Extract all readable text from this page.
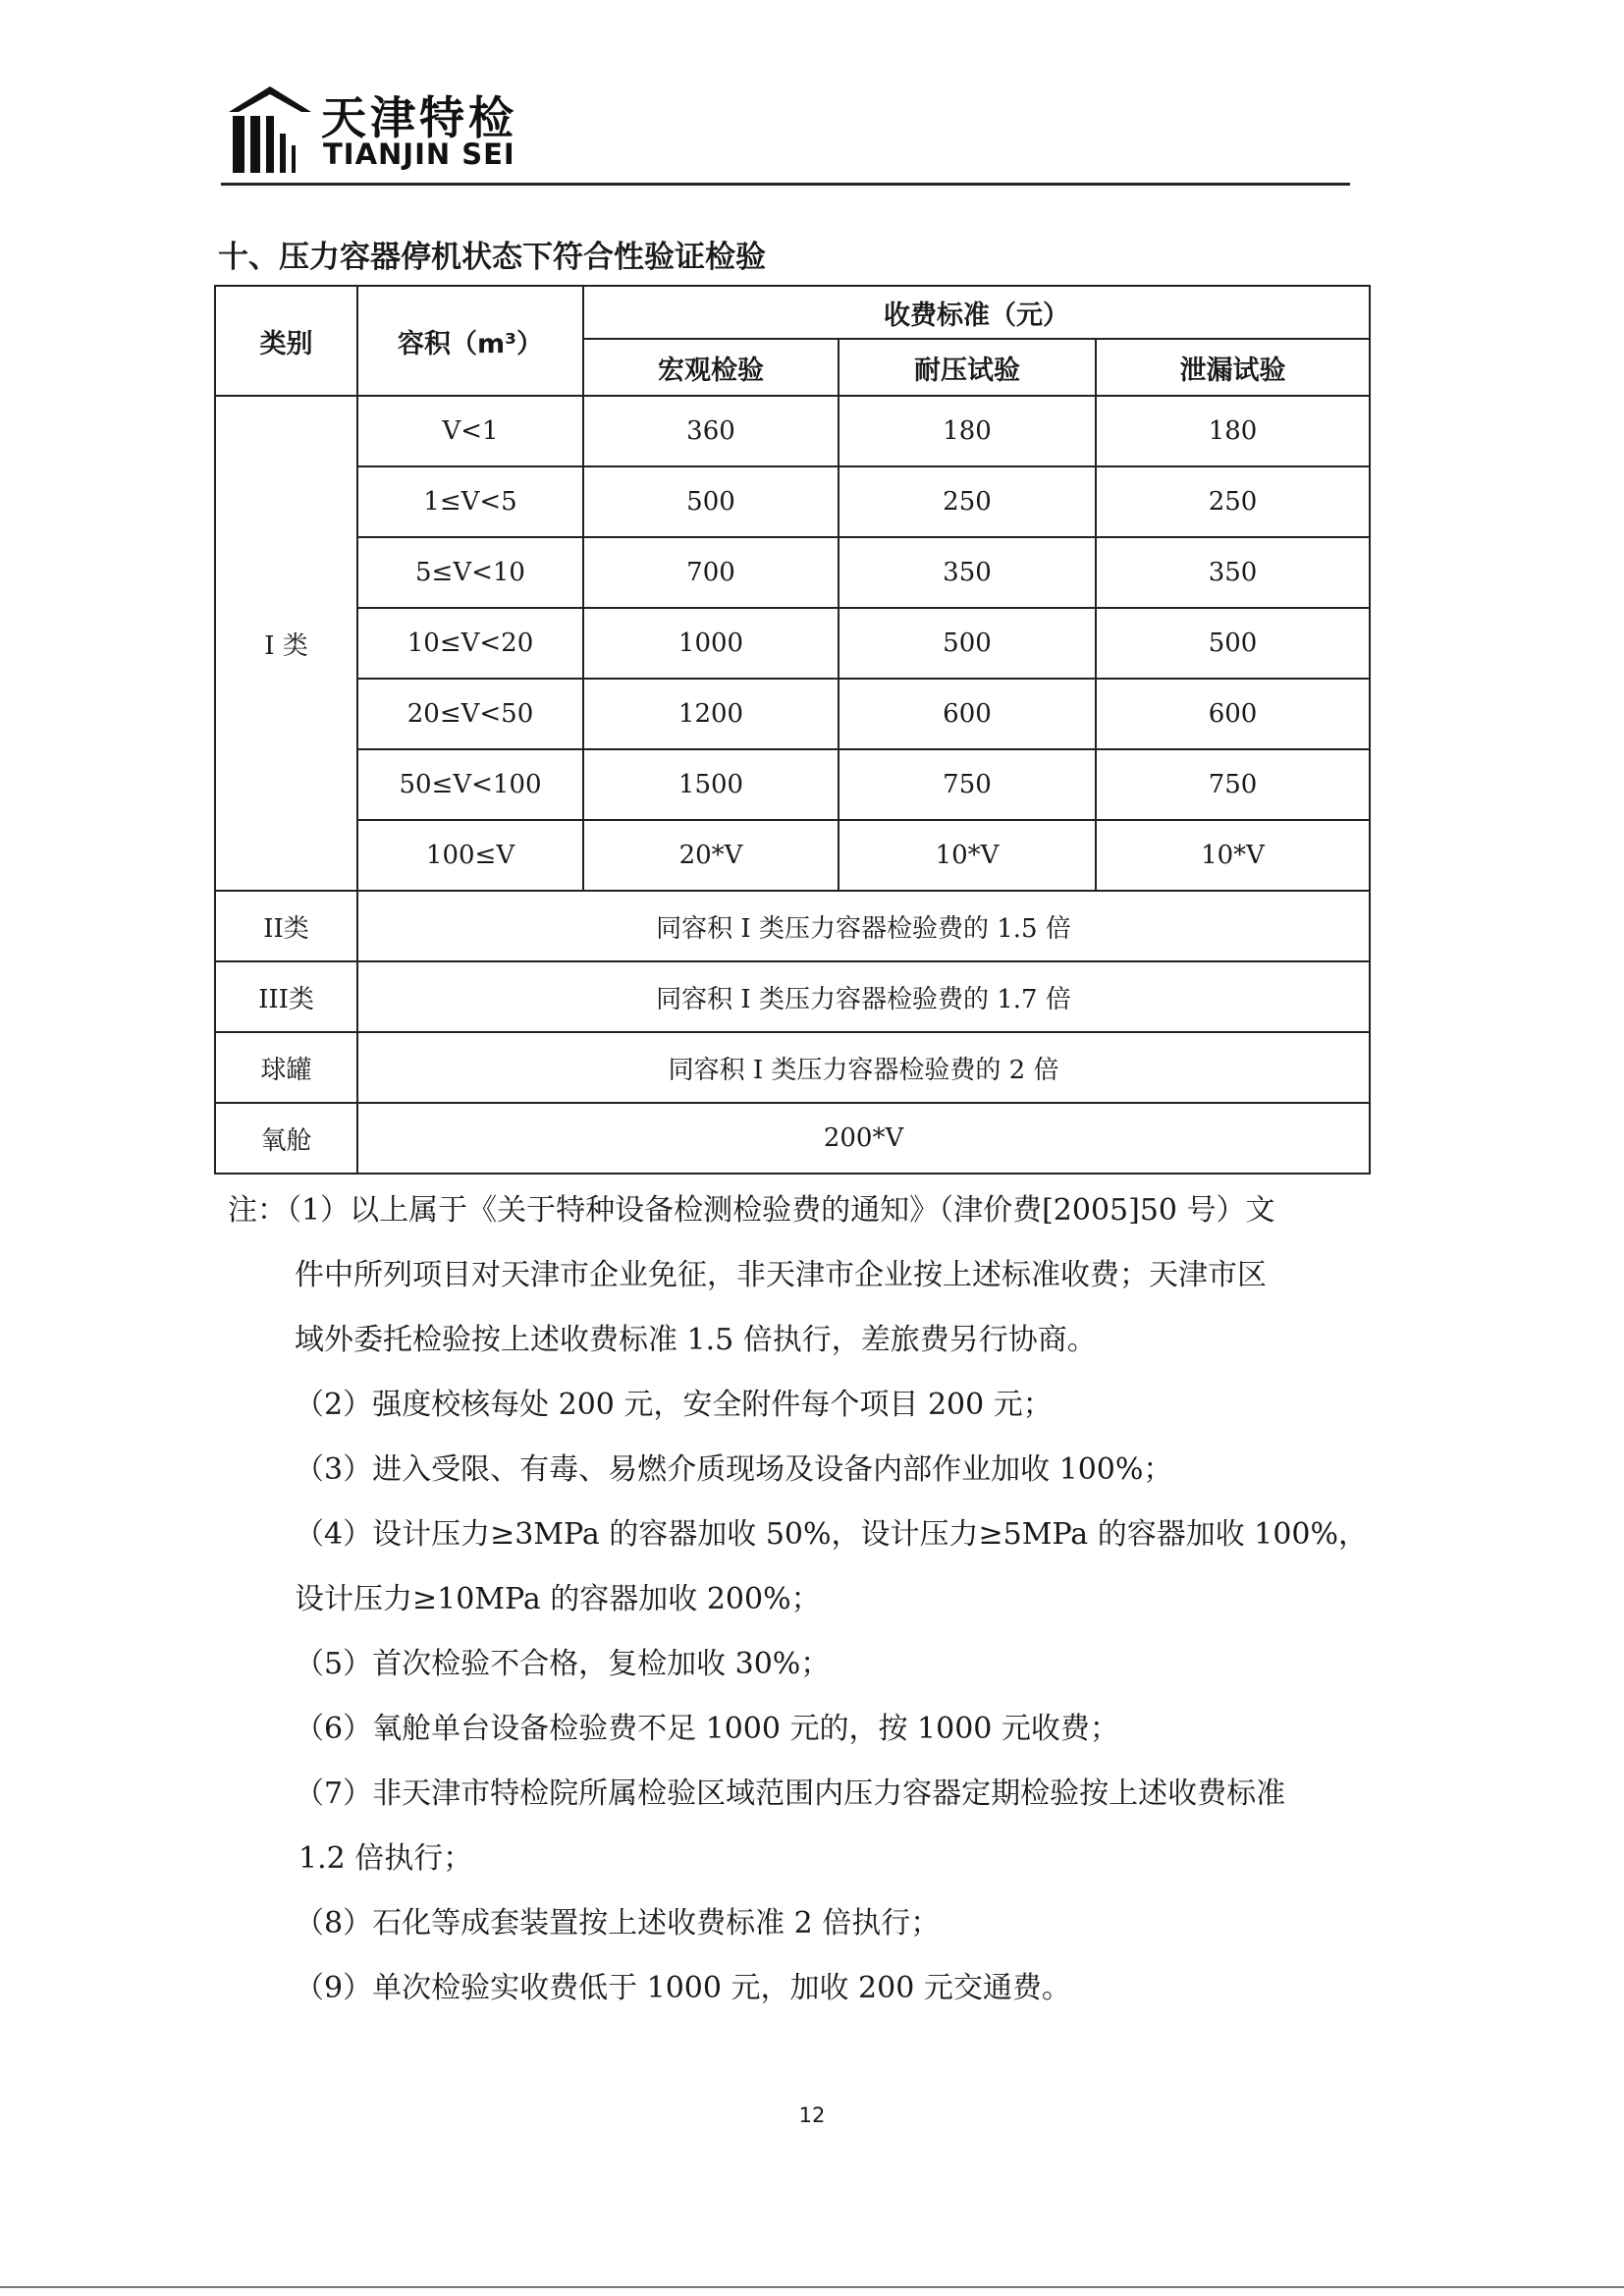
天津特检
TIANJIN SEI
十、压力容器停机状态下符合性验证检验
类别	容积（m³）	收费标准（元）		
		宏观检验	耐压试验	泄漏试验
I 类	V<1	360	180	180
	1≤V<5	500	250	250
	5≤V<10	700	350	350
	10≤V<20	1000	500	500
	20≤V<50	1200	600	600
	50≤V<100	1500	750	750
	100≤V	20*V	10*V	10*V
II类	同容积 I 类压力容器检验费的 1.5 倍			
III类	同容积 I 类压力容器检验费的 1.7 倍			
球罐	同容积 I 类压力容器检验费的 2 倍			
氧舱	200*V			
注：（1）以上属于《关于特种设备检测检验费的通知》（津价费[2005]50 号）文
件中所列项目对天津市企业免征，非天津市企业按上述标准收费；天津市区
域外委托检验按上述收费标准 1.5 倍执行，差旅费另行协商。
（2）强度校核每处 200 元，安全附件每个项目 200 元；
（3）进入受限、有毒、易燃介质现场及设备内部作业加收 100%；
（4）设计压力≥3MPa 的容器加收 50%，设计压力≥5MPa 的容器加收 100%，
设计压力≥10MPa 的容器加收 200%；
（5）首次检验不合格，复检加收 30%；
（6）氧舱单台设备检验费不足 1000 元的，按 1000 元收费；
（7）非天津市特检院所属检验区域范围内压力容器定期检验按上述收费标准
1.2 倍执行；
（8）石化等成套装置按上述收费标准 2 倍执行；
（9）单次检验实收费低于 1000 元，加收 200 元交通费。
12
